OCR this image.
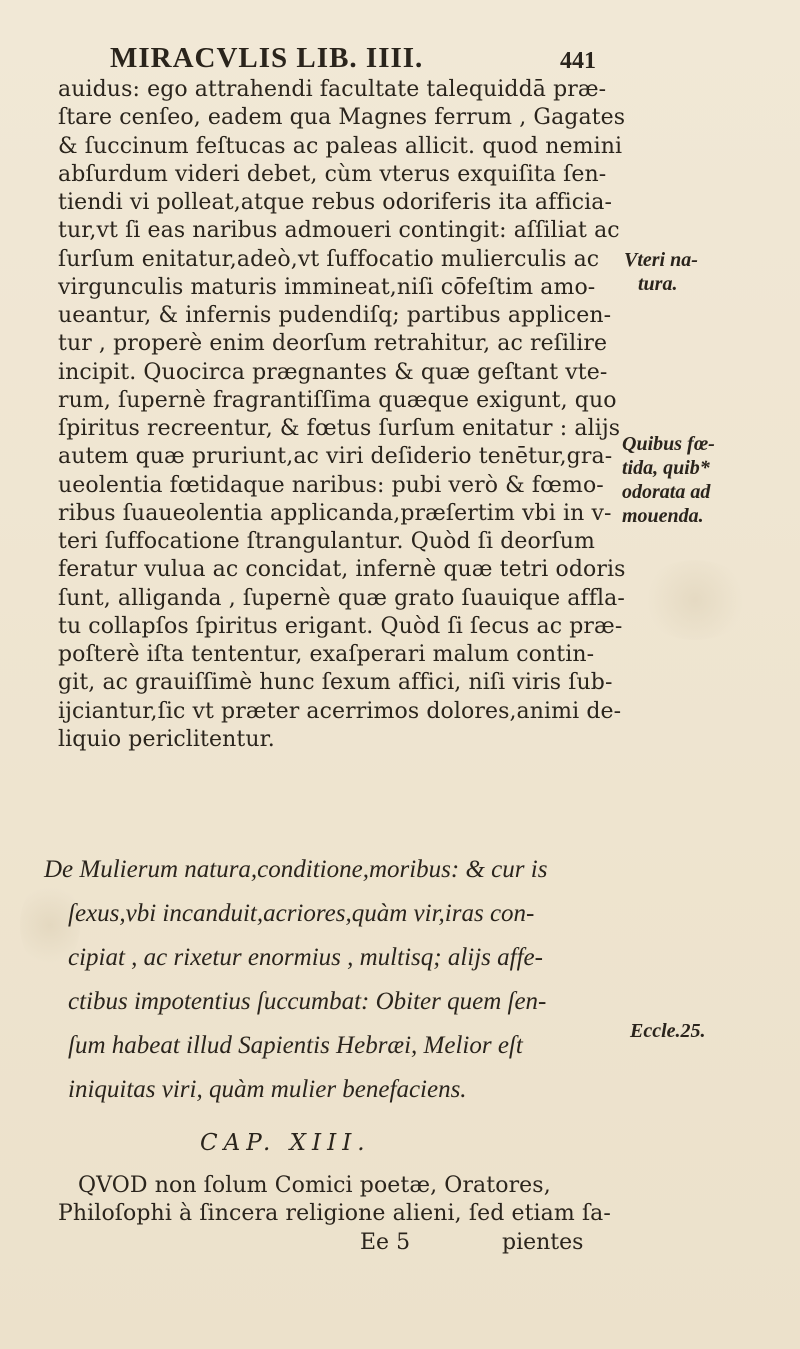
MIRACVLIS LIB. IIII.	441
auidus: ego attrahendi facultate talequiddā præ-
ſtare cenſeo, eadem qua Magnes ferrum , Gagates
& ſuccinum feſtucas ac paleas allicit. quod nemini
abſurdum videri debet, cùm vterus exquiſita ſen-
tiendi vi polleat,atque rebus odoriferis ita afficia-
tur,vt ſi eas naribus admoueri contingit: aſſiliat ac
ſurſum enitatur,adeò,vt ſuffocatio mulierculis ac
virgunculis maturis immineat,niſi cōfeſtim amo-
ueantur, & infernis pudendiſq; partibus applicen-
tur , properè enim deorſum retrahitur, ac reſilire
incipit. Quocirca prægnantes & quæ geſtant vte-
rum, ſupernè fragrantiſſima quæque exigunt, quo
ſpiritus recreentur, & fœtus ſurſum enitatur : aliјs
autem quæ pruriunt,ac viri deſiderio tenētur,gra-
ueolentia fœtidaque naribus: pubi verò & fœmo-
ribus ſuaueolentia applicanda,præſertim vbi in v-
teri ſuffocatione ſtrangulantur. Quòd ſi deorſum
feratur vulua ac concidat, infernè quæ tetri odoris
ſunt, alliganda , ſupernè quæ grato ſuauique affla-
tu collapſos ſpiritus erigant. Quòd ſi ſecus ac præ-
poſterè iſta tententur, exaſperari malum contin-
git, ac grauiſſimè hunc ſexum affici, niſi viris ſub-
ijciantur,ſic vt præter acerrimos dolores,animi de-
liquio periclitentur.
De Mulierum natura,conditione,moribus: & cur is
ſexus,vbi incanduit,acriores,quàm vir,iras con-
cipiat , ac rixetur enormius , multisq; alijs affe-
ctibus impotentius ſuccumbat: Obiter quem ſen-
ſum habeat illud Sapientis Hebræi, Melior eſt
iniquitas viri, quàm mulier benefaciens.
CAP. XIII.
QVOD non ſolum Comici poetæ, Oratores,
Philoſophi à ſincera religione alieni, ſed etiam ſa-
Ee 5	pientes
Vteri na-
tura.
Quibus fœ-
tida, quib*
odorata ad
mouenda.
Eccle.25.
